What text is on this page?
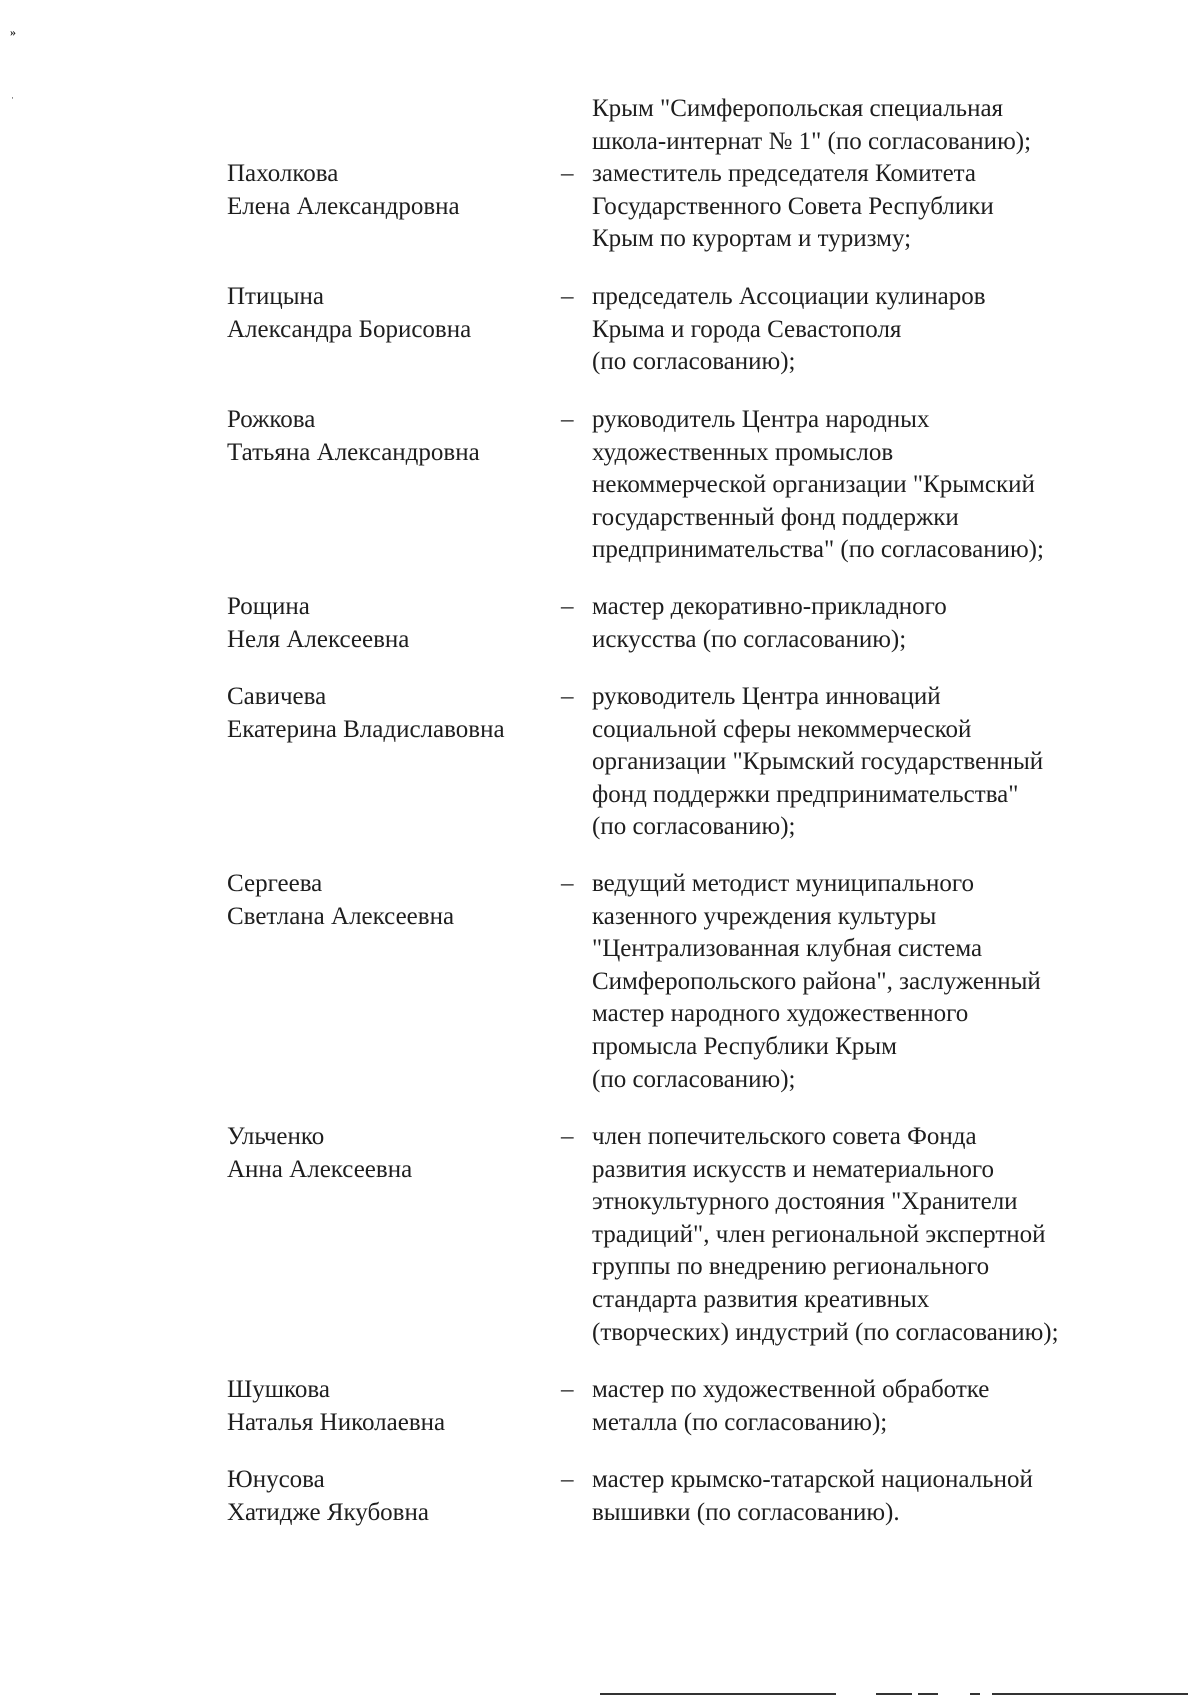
»
·	Крым "Симферопольская специальная
школа-интернат № 1" (по согласованию);
Пахолкова
Елена Александровна
– заместитель председателя Комитета
Государственного Совета Республики
Крым по курортам и туризму;
Птицына
Александра Борисовна
– председатель Ассоциации кулинаров
Крыма и города Севастополя
(по согласованию);
Рожкова
Татьяна Александровна
– руководитель Центра народных
художественных промыслов
некоммерческой организации "Крымский
государственный фонд поддержки
предпринимательства" (по согласованию);
Рощина
Неля Алексеевна
– мастер декоративно-прикладного
искусства (по согласованию);
Савичева
Екатерина Владиславовна
– руководитель Центра инноваций
социальной сферы некоммерческой
организации "Крымский государственный
фонд поддержки предпринимательства"
(по согласованию);
Сергеева
Светлана Алексеевна
– ведущий методист муниципального
казенного учреждения культуры
"Централизованная клубная система
Симферопольского района", заслуженный
мастер народного художественного
промысла Республики Крым
(по согласованию);
Ульченко
Анна Алексеевна
– член попечительского совета Фонда
развития искусств и нематериального
этнокультурного достояния "Хранители
традиций", член региональной экспертной
группы по внедрению регионального
стандарта развития креативных
(творческих) индустрий (по согласованию);
Шушкова
Наталья Николаевна
– мастер по художественной обработке
металла (по согласованию);
Юнусова
Хатидже Якубовна
– мастер крымско-татарской национальной
вышивки (по согласованию).
